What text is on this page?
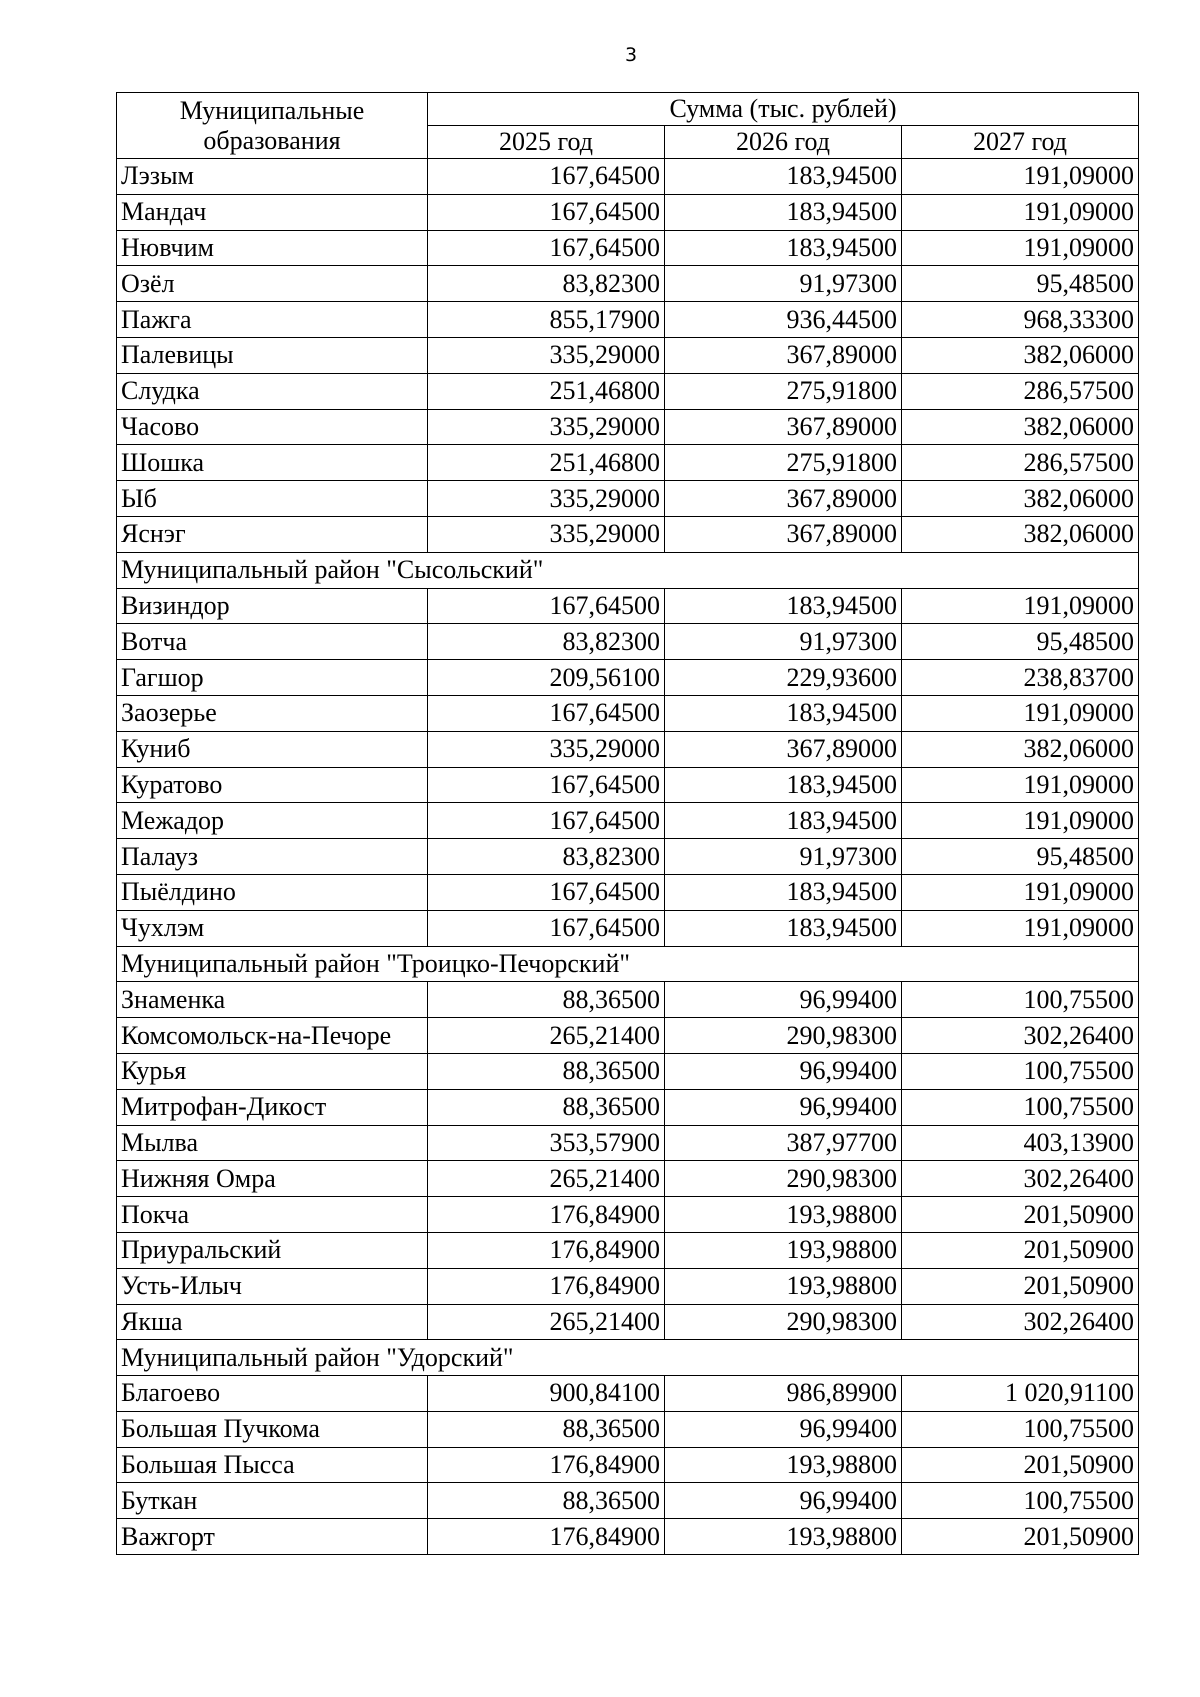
3
Муниципальные образования	Сумма (тыс. рублей)		
	2025 год	2026 год	2027 год
Лэзым	167,64500	183,94500	191,09000
Мандач	167,64500	183,94500	191,09000
Нювчим	167,64500	183,94500	191,09000
Озёл	83,82300	91,97300	95,48500
Пажга	855,17900	936,44500	968,33300
Палевицы	335,29000	367,89000	382,06000
Слудка	251,46800	275,91800	286,57500
Часово	335,29000	367,89000	382,06000
Шошка	251,46800	275,91800	286,57500
Ыб	335,29000	367,89000	382,06000
Яснэг	335,29000	367,89000	382,06000
Муниципальный район "Сысольский"			
Визиндор	167,64500	183,94500	191,09000
Вотча	83,82300	91,97300	95,48500
Гагшор	209,56100	229,93600	238,83700
Заозерье	167,64500	183,94500	191,09000
Куниб	335,29000	367,89000	382,06000
Куратово	167,64500	183,94500	191,09000
Межадор	167,64500	183,94500	191,09000
Палауз	83,82300	91,97300	95,48500
Пыёлдино	167,64500	183,94500	191,09000
Чухлэм	167,64500	183,94500	191,09000
Муниципальный район "Троицко-Печорский"			
Знаменка	88,36500	96,99400	100,75500
Комсомольск-на-Печоре	265,21400	290,98300	302,26400
Курья	88,36500	96,99400	100,75500
Митрофан-Дикост	88,36500	96,99400	100,75500
Мылва	353,57900	387,97700	403,13900
Нижняя Омра	265,21400	290,98300	302,26400
Покча	176,84900	193,98800	201,50900
Приуральский	176,84900	193,98800	201,50900
Усть-Илыч	176,84900	193,98800	201,50900
Якша	265,21400	290,98300	302,26400
Муниципальный район "Удорский"			
Благоево	900,84100	986,89900	1 020,91100
Большая Пучкома	88,36500	96,99400	100,75500
Большая Пысса	176,84900	193,98800	201,50900
Буткан	88,36500	96,99400	100,75500
Важгорт	176,84900	193,98800	201,50900
